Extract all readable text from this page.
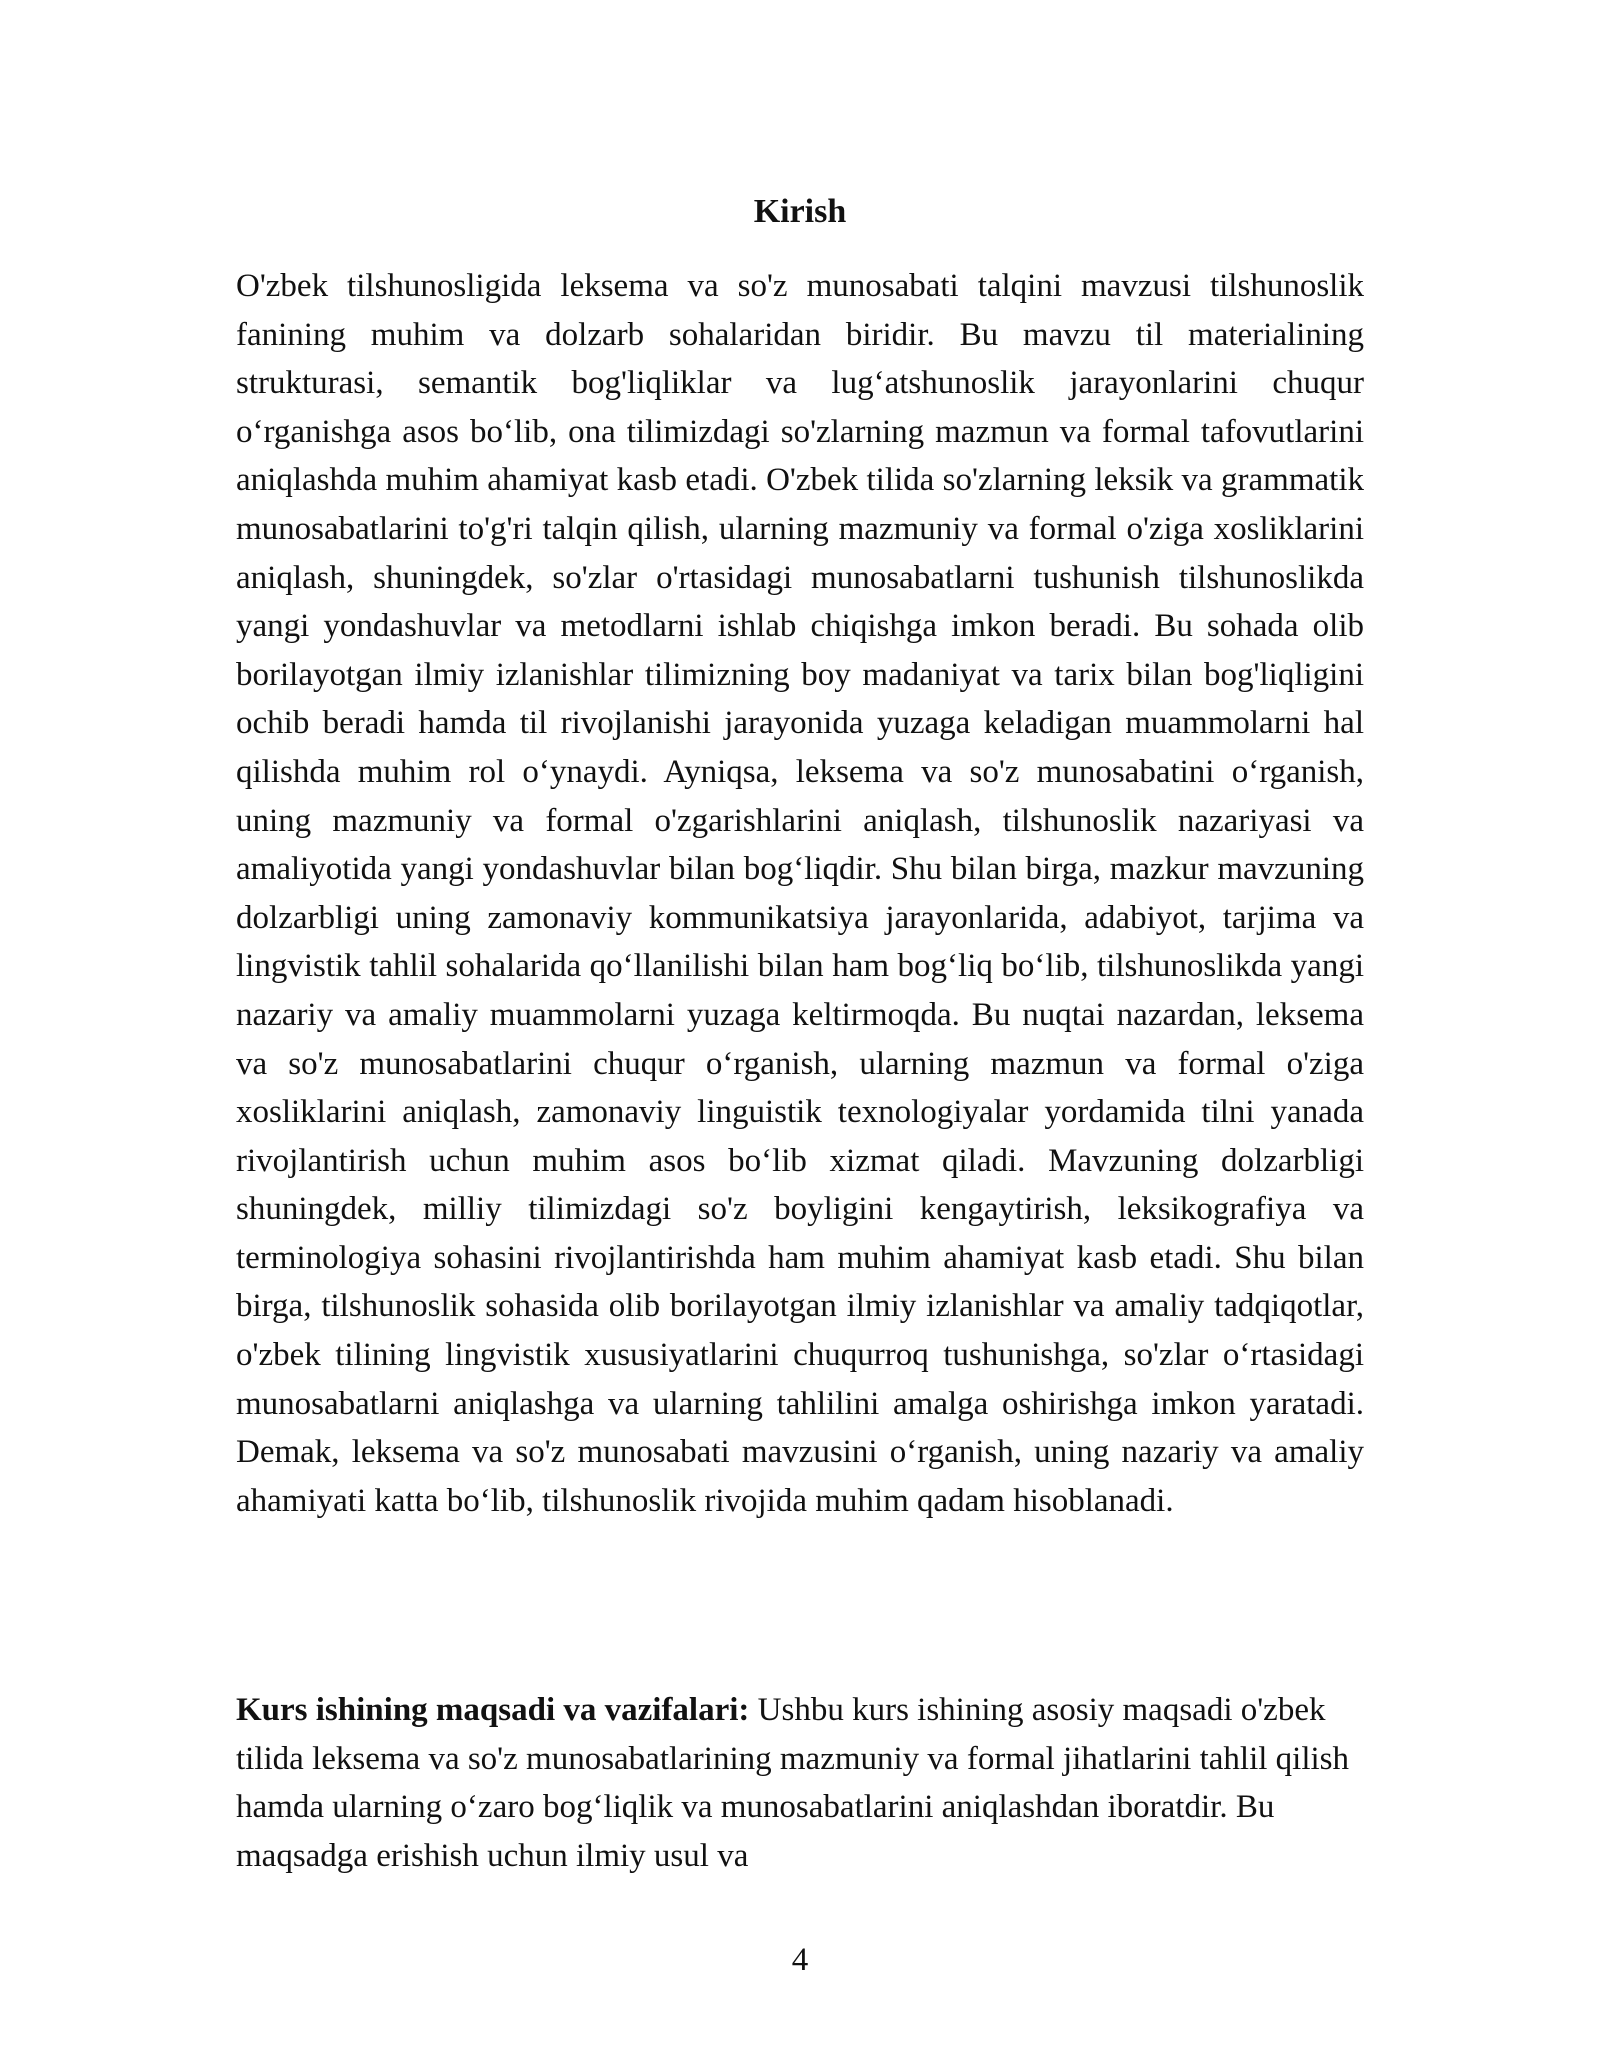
Kirish

O'zbek tilshunosligida leksema va so'z munosabati talqini mavzusi tilshunoslik fanining muhim va dolzarb sohalaridan biridir. Bu mavzu til materialining strukturasi, semantik bog'liqliklar va lug‘atshunoslik jarayonlarini chuqur o‘rganishga asos bo‘lib, ona tilimizdagi so'zlarning mazmun va formal tafovutlarini aniqlashda muhim ahamiyat kasb etadi. O'zbek tilida so'zlarning leksik va grammatik munosabatlarini to'g'ri talqin qilish, ularning mazmuniy va formal o'ziga xosliklarini aniqlash, shuningdek, so'zlar o'rtasidagi munosabatlarni tushunish tilshunoslikda yangi yondashuvlar va metodlarni ishlab chiqishga imkon beradi. Bu sohada olib borilayotgan ilmiy izlanishlar tilimizning boy madaniyat va tarix bilan bog'liqligini ochib beradi hamda til rivojlanishi jarayonida yuzaga keladigan muammolarni hal qilishda muhim rol o‘ynaydi. Ayniqsa, leksema va so'z munosabatini o‘rganish, uning mazmuniy va formal o'zgarishlarini aniqlash, tilshunoslik nazariyasi va amaliyotida yangi yondashuvlar bilan bog‘liqdir. Shu bilan birga, mazkur mavzuning dolzarbligi uning zamonaviy kommunikatsiya jarayonlarida, adabiyot, tarjima va lingvistik tahlil sohalarida qo‘llanilishi bilan ham bog‘liq bo‘lib, tilshunoslikda yangi nazariy va amaliy muammolarni yuzaga keltirmoqda. Bu nuqtai nazardan, leksema va so'z munosabatlarini chuqur o‘rganish, ularning mazmun va formal o'ziga xosliklarini aniqlash, zamonaviy linguistik texnologiyalar yordamida tilni yanada rivojlantirish uchun muhim asos bo‘lib xizmat qiladi. Mavzuning dolzarbligi shuningdek, milliy tilimizdagi so'z boyligini kengaytirish, leksikografiya va terminologiya sohasini rivojlantirishda ham muhim ahamiyat kasb etadi. Shu bilan birga, tilshunoslik sohasida olib borilayotgan ilmiy izlanishlar va amaliy tadqiqotlar, o'zbek tilining lingvistik xususiyatlarini chuqurroq tushunishga, so'zlar o‘rtasidagi munosabatlarni aniqlashga va ularning tahlilini amalga oshirishga imkon yaratadi. Demak, leksema va so'z munosabati mavzusini o‘rganish, uning nazariy va amaliy ahamiyati katta bo‘lib, tilshunoslik rivojida muhim qadam hisoblanadi.

Kurs ishining maqsadi va vazifalari: Ushbu kurs ishining asosiy maqsadi o'zbek tilida leksema va so'z munosabatlarining mazmuniy va formal jihatlarini tahlil qilish hamda ularning o‘zaro bog‘liqlik va munosabatlarini aniqlashdan iboratdir. Bu maqsadga erishish uchun ilmiy usul va

4
